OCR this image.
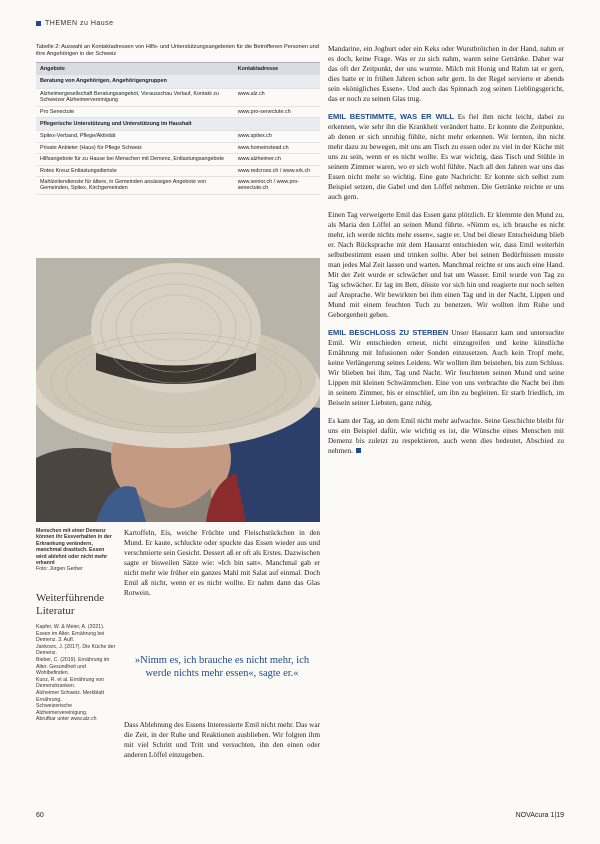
THEMEN zu Hause
Tabelle 2: Auswahl an Kontaktadressen von Hilfs- und Unterstützungsangeboten für die Betroffenen Personen und ihre Angehörigen in der Schweiz
Angebote	Kontaktadresse
Beratung von Angehörigen, Angehörigengruppen	
Alzheimergesellschaft Beratungsangebot, Vorausschau Verlauf, Kontakt zu Schweizer Alzheimervereinigung	www.alz.ch
Pro Senectute	www.pro-senectute.ch
Pflegerische Unterstützung und Unterstützung im Haushalt	
Spitex-Verband, Pflege/Aktivität	www.spitex.ch
Private Anbieter (Haus) für Pflege Schweiz	www.homeinstead.ch
Hilfsangebote für zu Hause bei Menschen mit Demenz, Entlastungsangebote	www.alzheimer.ch
Rotes Kreuz Entlastungsdienste	www.redcross.ch / www.srk.ch
Mahlzeitendienste für ältere, in Gemeinden ansässigen Angebote von Gemeinden, Spitex, Kirchgemeinden	www.senior.ch / www.pro-senectute.ch
Menschen mit einer Demenz können ihr Essverhalten in der Erkrankung verändern, manchmal drastisch. Essen wird ablehnt oder nicht mehr erkannt
Foto: Jürgen Gerber
Weiterführende Literatur
Kapfer, W. & Meier, A. (2021). Essen im Alter. Ernährung bei Demenz. 3. Aufl.
Jankovic, J. (2017). Die Küche der Demenz.
Bieber, C. (2019). Ernährung im Alter. Gesundheit und Wohlbefinden.
Kunz, R. et al. Ernährung von Demenzkranken.
Alzheimer Schweiz. Merkblatt Ernährung.
Schweizerische Alzheimervereinigung.
Abrufbar unter www.alz.ch
Kartoffeln, Eis, weiche Früchte und Fleischstückchen in den Mund. Er kaute, schluckte oder spuckte das Essen wieder aus und verschmierte sein Gesicht. Dessert aß er oft als Erstes. Dazwischen sagte er bisweilen Sätze wie: »Ich bin satt«. Manchmal gab er nicht mehr wie früher ein ganzes Mahl mit Salat auf einmal. Doch Emil aß nicht, wenn er es nicht wollte. Er nahm dann das Glas Rotwein.
»Nimm es, ich brauche es nicht mehr, ich werde nichts mehr essen«, sagte er.«
Dass Ablehnung des Essens Interessierte Emil nicht mehr. Das war die Zeit, in der Ruhe und Reaktionen ausblieben. Wir folgten ihm mit viel Schritt und Tritt und versuchten, ihn den einen oder anderen Löffel einzugeben.

Mandarine, ein Joghurt oder ein Keks oder Wurstbrötchen in der Hand, nahm er es doch, keine Frage. Was er zu sich nahm, waren seine Getränke. Daher war das oft der Zeitpunkt, der uns wurmte. Milch mit Honig und Rahm tat er gern, dies hatte er in frühen Jahren schon sehr gern. In der Regel servierte er abends sein »königliches Essen«. Und auch das Spinnach zog seinen Lieblingsgericht, das er noch zu seinen Glas trug.

EMIL BESTIMMTE, WAS ER WILL Es fiel ihm nicht leicht, dabei zu erkennen, wie sehr ihn die Krankheit verändert hatte. Er konnte die Zeitpunkte, ab denen er sich unruhig fühlte, nicht mehr erkennen. Wir lernten, ihn nicht mehr dazu zu bewegen, mit uns am Tisch zu essen oder zu viel in der Küche mit uns zu sein, wenn er es nicht wollte. Es war wichtig, dass Tisch und Stühle in seinem Zimmer waren, wo er sich wohl fühlte. Nach all den Jahren war uns das Essen nicht mehr so wichtig. Eine gute Nachricht: Er konnte sich selbst zum Beispiel setzen, die Gabel und den Löffel nehmen. Die Getränke reichte er uns auch gern.

Einen Tag verweigerte Emil das Essen ganz plötzlich. Er klemmte den Mund zu, als Maria den Löffel an seinen Mund führte. »Nimm es, ich brauche es nicht mehr, ich werde nichts mehr essen«, sagte er. Und bei dieser Entscheidung blieb er. Nach Rücksprache mit dem Hausarzt entschieden wir, dass Emil weiterhin selbstbestimmt essen und trinken sollte. Aber bei seinen Bedürfnissen musste man jedes Mal Zeit lassen und warten. Manchmal reichte er uns auch eine Hand. Mit der Zeit wurde er schwächer und bat um Wasser. Emil wurde von Tag zu Tag schwächer. Er lag im Bett, dösste vor sich hin und reagierte nur noch selten auf Ansprache. Wir bewirkten bei ihm einen Tag und in der Nacht, Lippen und Mund mit einem feuchten Tuch zu benetzen. Wir wollten ihm Ruhe und Geborgenheit geben.

EMIL BESCHLOSS ZU STERBEN Unser Hausarzt kam und untersuchte Emil. Wir entschieden erneut, nicht einzugreifen und keine künstliche Ernährung mit Infusionen oder Sonden einzusetzen. Auch kein Tropf mehr, keine Verlängerung seines Leidens. Wir wollten ihm beistehen, bis zum Schluss. Wir blieben bei ihm, Tag und Nacht. Wir feuchteten seinen Mund und seine Lippen mit kleinen Schwämmchen. Eine von uns verbrachte die Nacht bei ihm in seinem Zimmer, bis er einschlief, um ihn zu begleiten. Er starb friedlich, im Beisein seiner Liebsten, ganz ruhig.

Es kam der Tag, an dem Emil nicht mehr aufwachte. Seine Geschichte bleibt für uns ein Beispiel dafür, wie wichtig es ist, die Wünsche eines Menschen mit Demenz bis zuletzt zu respektieren, auch wenn dies bedeutet, Abschied zu nehmen.

60	NOVAcura 1|19
